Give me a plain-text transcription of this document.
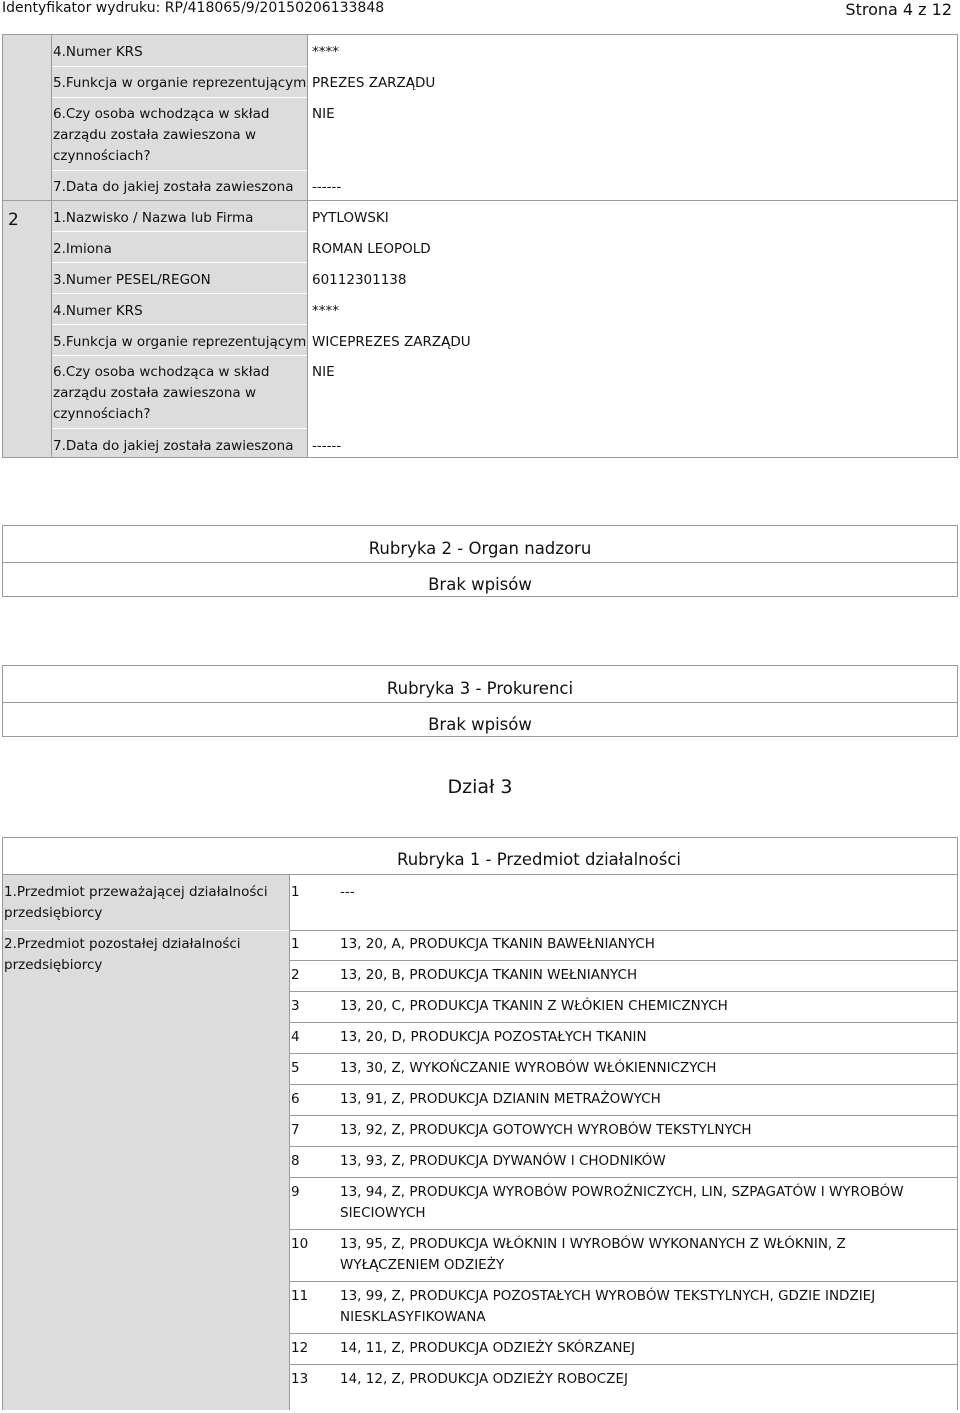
Identyfikator wydruku: RP/418065/9/20150206133848	Strona 4 z 12
4.Numer KRS	****
5.Funkcja w organie reprezentującym PREZES ZARZĄDU
6.Czy osoba wchodząca w skład zarządu została zawieszona w czynnościach?
NIE
7.Data do jakiej została zawieszona ------
2	1.Nazwisko / Nazwa lub Firma	PYTLOWSKI
2.Imiona	ROMAN LEOPOLD
3.Numer PESEL/REGON	60112301138
4.Numer KRS	****
5.Funkcja w organie reprezentującym WICEPREZES ZARZĄDU
6.Czy osoba wchodząca w skład zarządu została zawieszona w czynnościach?
NIE
7.Data do jakiej została zawieszona ------
Rubryka 2 - Organ nadzoru
Brak wpisów
Rubryka 3 - Prokurenci
Brak wpisów
Dział 3
Rubryka 1 - Przedmiot działalności
1.Przedmiot przeważającej działalności przedsiębiorcy
1	---
2.Przedmiot pozostałej działalności przedsiębiorcy
1	13, 20, A, PRODUKCJA TKANIN BAWEŁNIANYCH
2	13, 20, B, PRODUKCJA TKANIN WEŁNIANYCH
3	13, 20, C, PRODUKCJA TKANIN Z WŁÓKIEN CHEMICZNYCH
4	13, 20, D, PRODUKCJA POZOSTAŁYCH TKANIN
5	13, 30, Z, WYKOŃCZANIE WYROBÓW WŁÓKIENNICZYCH
6	13, 91, Z, PRODUKCJA DZIANIN METRAŻOWYCH
7	13, 92, Z, PRODUKCJA GOTOWYCH WYROBÓW TEKSTYLNYCH
8	13, 93, Z, PRODUKCJA DYWANÓW I CHODNIKÓW
9	13, 94, Z, PRODUKCJA WYROBÓW POWROŹNICZYCH, LIN, SZPAGATÓW I WYROBÓW SIECIOWYCH
10 13, 95, Z, PRODUKCJA WŁÓKNIN I WYROBÓW WYKONANYCH Z WŁÓKNIN, Z WYŁĄCZENIEM ODZIEŻY
11 13, 99, Z, PRODUKCJA POZOSTAŁYCH WYROBÓW TEKSTYLNYCH, GDZIE INDZIEJ NIESKLASYFIKOWANA
12 14, 11, Z, PRODUKCJA ODZIEŻY SKÓRZANEJ
13 14, 12, Z, PRODUKCJA ODZIEŻY ROBOCZEJ
